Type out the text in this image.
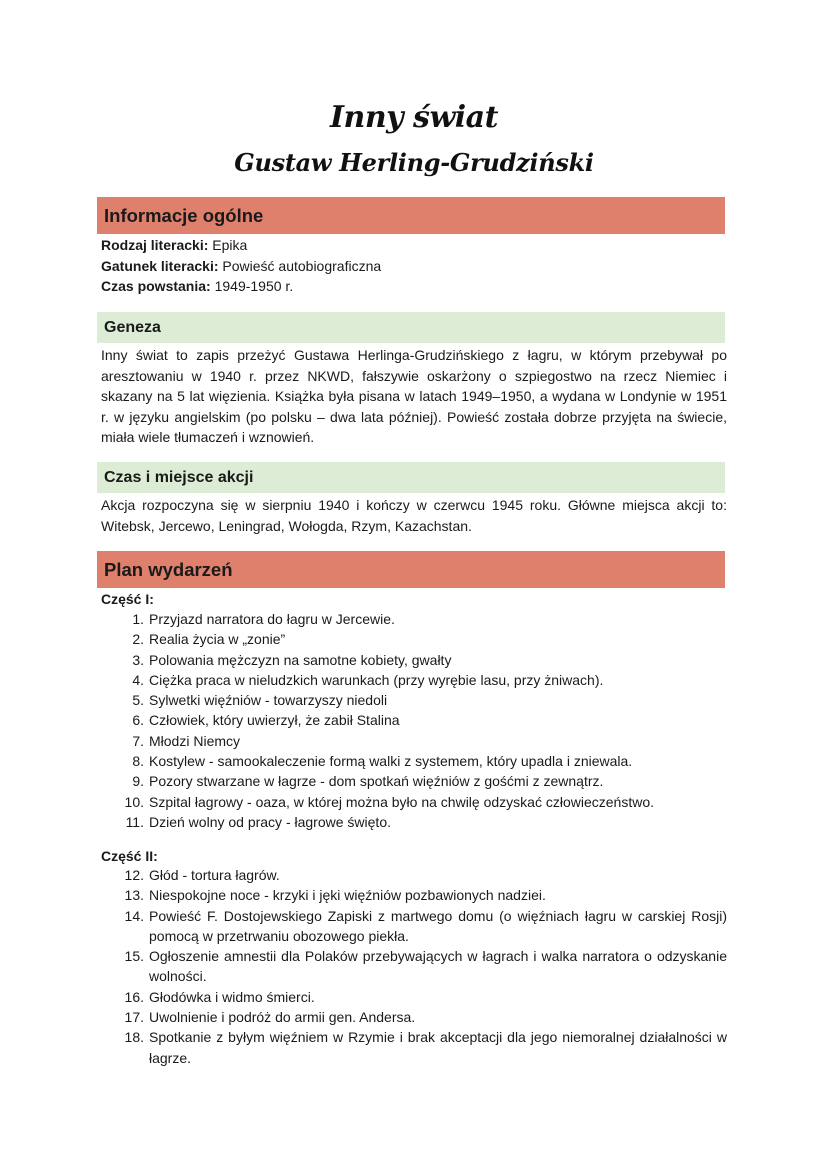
Inny świat
Gustaw Herling-Grudziński
Informacje ogólne
Rodzaj literacki: Epika
Gatunek literacki: Powieść autobiograficzna
Czas powstania: 1949-1950 r.
Geneza
Inny świat to zapis przeżyć Gustawa Herlinga-Grudzińskiego z łagru, w którym przebywał po aresztowaniu w 1940 r. przez NKWD, fałszywie oskarżony o szpiegostwo na rzecz Niemiec i skazany na 5 lat więzienia. Książka była pisana w latach 1949–1950, a wydana w Londynie w 1951 r. w języku angielskim (po polsku – dwa lata później). Powieść została dobrze przyjęta na świecie, miała wiele tłumaczeń i wznowień.
Czas i miejsce akcji
Akcja rozpoczyna się w sierpniu 1940 i kończy w czerwcu 1945 roku. Główne miejsca akcji to: Witebsk, Jercewo, Leningrad, Wołogda, Rzym, Kazachstan.
Plan wydarzeń
Część I:
1. Przyjazd narratora do łagru w Jercewie.
2. Realia życia w „zonie”
3. Polowania mężczyzn na samotne kobiety, gwałty
4. Ciężka praca w nieludzkich warunkach (przy wyrębie lasu, przy żniwach).
5. Sylwetki więźniów - towarzyszy niedoli
6. Człowiek, który uwierzył, że zabił Stalina
7. Młodzi Niemcy
8. Kostylew - samookaleczenie formą walki z systemem, który upadla i zniewala.
9. Pozory stwarzane w łagrze - dom spotkań więźniów z gośćmi z zewnątrz.
10. Szpital łagrowy - oaza, w której można było na chwilę odzyskać człowieczeństwo.
11. Dzień wolny od pracy - łagrowe święto.
Część II:
12. Głód - tortura łagrów.
13. Niespokojne noce - krzyki i jęki więźniów pozbawionych nadziei.
14. Powieść F. Dostojewskiego Zapiski z martwego domu (o więźniach łagru w carskiej Rosji) pomocą w przetrwaniu obozowego piekła.
15. Ogłoszenie amnestii dla Polaków przebywających w łagrach i walka narratora o odzyskanie wolności.
16. Głodówka i widmo śmierci.
17. Uwolnienie i podróż do armii gen. Andersa.
18. Spotkanie z byłym więźniem w Rzymie i brak akceptacji dla jego niemoralnej działalności w łagrze.
